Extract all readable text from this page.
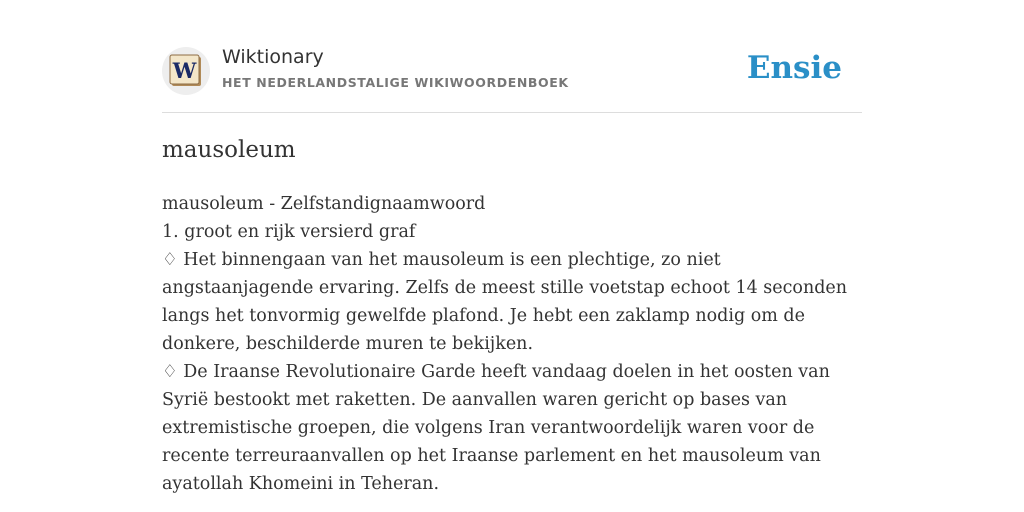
W
Wiktionary
HET NEDERLANDSTALIGE WIKIWOORDENBOEK	Ensie
mausoleum

mausoleum - Zelfstandignaamwoord

1. groot en rijk versierd graf

♢ Het binnengaan van het mausoleum is een plechtige, zo niet angstaanjagende ervaring. Zelfs de meest stille voetstap echoot 14 seconden langs het tonvormig gewelfde plafond. Je hebt een zaklamp nodig om de donkere, beschilderde muren te bekijken.

♢ De Iraanse Revolutionaire Garde heeft vandaag doelen in het oosten van Syrië bestookt met raketten. De aanvallen waren gericht op bases van extremistische groepen, die volgens Iran verantwoordelijk waren voor de recente terreuraanvallen op het Iraanse parlement en het mausoleum van ayatollah Khomeini in Teheran.
